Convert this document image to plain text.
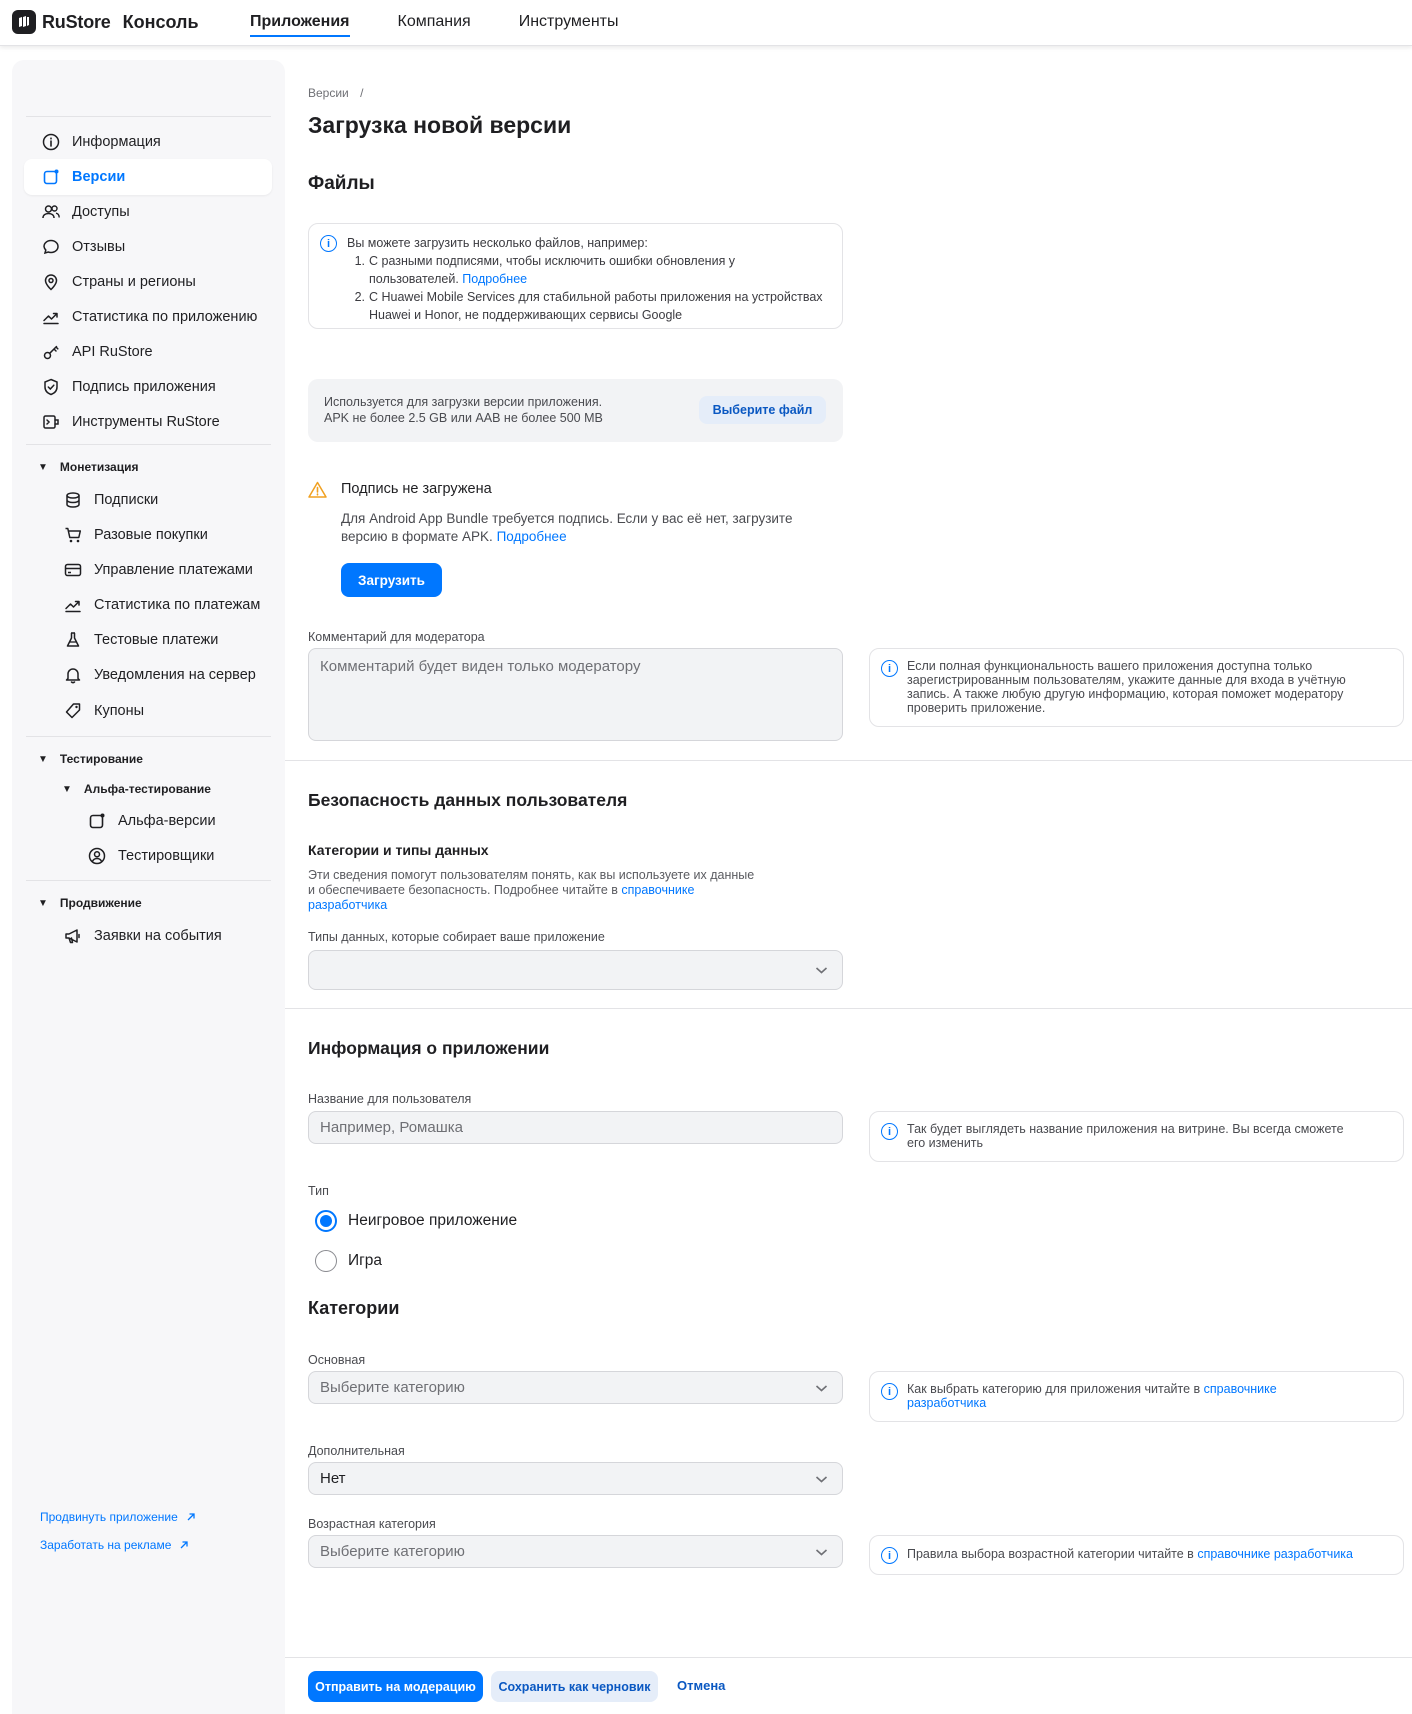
RuStore Консоль	Приложения	Компания	Инструменты
Информация
Версии
Доступы
Отзывы
Страны и регионы
Статистика по приложению
API RuStore
Подпись приложения
Инструменты RuStore
▼ Монетизация
Подписки
Разовые покупки
Управление платежами
Статистика по платежам
Тестовые платежи
Уведомления на сервер
Купоны
▼ Тестирование
▼ Альфа-тестирование
Альфа-версии
Тестировщики
▼ Продвижение
Заявки на события
Продвинуть приложение
Заработать на рекламе
Версии /
Загрузка новой версии
Файлы
i	Вы можете загрузить несколько файлов, например:
1. С разными подписями, чтобы исключить ошибки обновления у пользователей. Подробнее
2. С Huawei Mobile Services для стабильной работы приложения на устройствах Huawei и Honor, не поддерживающих сервисы Google
Используется для загрузки версии приложения.
APK не более 2.5 GB или AAB не более 500 MB
Выберите файл
Подпись не загружена
Для Android App Bundle требуется подпись. Если у вас её нет, загрузите версию в формате APK. Подробнее
Загрузить
Комментарий для модератора
Комментарий будет виден только модератору	i	Если полная функциональность вашего приложения доступна только зарегистрированным пользователям, укажите данные для входа в учётную запись. А также любую другую информацию, которая поможет модератору проверить приложение.
Безопасность данных пользователя
Категории и типы данных
Эти сведения помогут пользователям понять, как вы используете их данные и обеспечиваете безопасность. Подробнее читайте в справочнике разработчика
Типы данных, которые собирает ваше приложение
Информация о приложении
Название для пользователя
Например, Ромашка	i	Так будет выглядеть название приложения на витрине. Вы всегда сможете его изменить
Тип
Неигровое приложение
Игра
Категории
Основная
Выберите категорию	i	Как выбрать категорию для приложения читайте в справочнике разработчика
Дополнительная
Нет
Возрастная категория
Выберите категорию	i	Правила выбора возрастной категории читайте в справочнике разработчика
Отправить на модерацию	Сохранить как черновик	Отмена
